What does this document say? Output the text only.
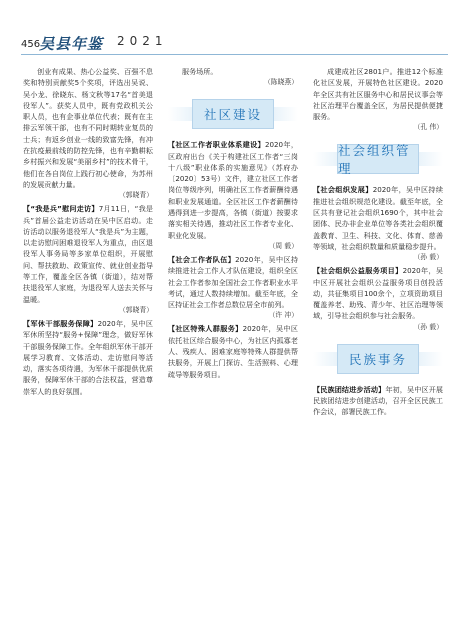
456
吴县年鉴 2021

创业有成果、热心公益奖、百强不息奖和特别贡献奖5个奖项，评选出吴说、吴小龙、徐晓东、杨文秋等17名“首美退役军人”。获奖人员中，既有党政机关公职人员，也有企事业单位代表；既有在主排云军领干部，也有不同时期转业复员的士兵；有返乡创业一线的致富先锋，有冲在抗疫最前线的防控先锋，也有辛勤耕耘乡村振兴和发展“美丽乡村”的技术骨干，他们在各自岗位上践行初心使命，为苏州的发展贡献力量。

（郭晓青）

【“我是兵”慰问走访】7月11日，“我是兵”首届公益走访活动在吴中区启动。走访活动以服务退役军人“我是兵”为主题，以走访慰问困难退役军人为重点，由区退役军人事务局等多家单位组织，开展慰问、帮扶救助、政策宣传、就业创业指导等工作，覆盖全区各镇（街道），结对帮扶退役军人家庭，为退役军人送去关怀与温暖。

（郭晓青）

【军休干部服务保障】2020年，吴中区军休所坚持“服务+保障”理念，做好军休干部服务保障工作。全年组织军休干部开展学习教育、文体活动、走访慰问等活动，落实各项待遇，为军休干部提供优质服务，保障军休干部的合法权益，营造尊崇军人的良好氛围。

服务场所。

（陈晓燕）
社区建设

【社区工作者职业体系建设】2020年，区政府出台《关于构建社区工作者“三岗十八级”职业体系的实施意见》（苏府办〔2020〕53号）文件，建立社区工作者岗位等级序列，明确社区工作者薪酬待遇和职业发展通道。全区社区工作者薪酬待遇得到进一步提高，各镇（街道）按要求落实相关待遇，推动社区工作者专业化、职业化发展。

（周 毅）

【社会工作者队伍】2020年，吴中区持续推进社会工作人才队伍建设，组织全区社会工作者参加全国社会工作者职业水平考试，通过人数持续增加。截至年底，全区持证社会工作者总数位居全市前列。

（许 冲）

【社区特殊人群服务】2020年，吴中区依托社区综合服务中心，为社区内孤寡老人、残疾人、困难家庭等特殊人群提供帮扶服务，开展上门探访、生活照料、心理疏导等服务项目。

成建成社区2801户。推进12个标准化社区发展，开展特色社区建设。2020年全区共有社区服务中心和居民议事会等社区治理平台覆盖全区，为居民提供便捷服务。

（孔 伟）
社会组织管理

【社会组织发展】2020年，吴中区持续推进社会组织规范化建设。截至年底，全区共有登记社会组织1690个，其中社会团体、民办非企业单位等各类社会组织覆盖教育、卫生、科技、文化、体育、慈善等领域，社会组织数量和质量稳步提升。

（孙 毅）

【社会组织公益服务项目】2020年，吴中区开展社会组织公益服务项目创投活动，共征集项目100余个，立项资助项目覆盖养老、助残、青少年、社区治理等领域，引导社会组织参与社会服务。

（孙 毅）
民族事务

【民族团结进步活动】年初，吴中区开展民族团结进步创建活动，召开全区民族工作会议，部署民族工作。
